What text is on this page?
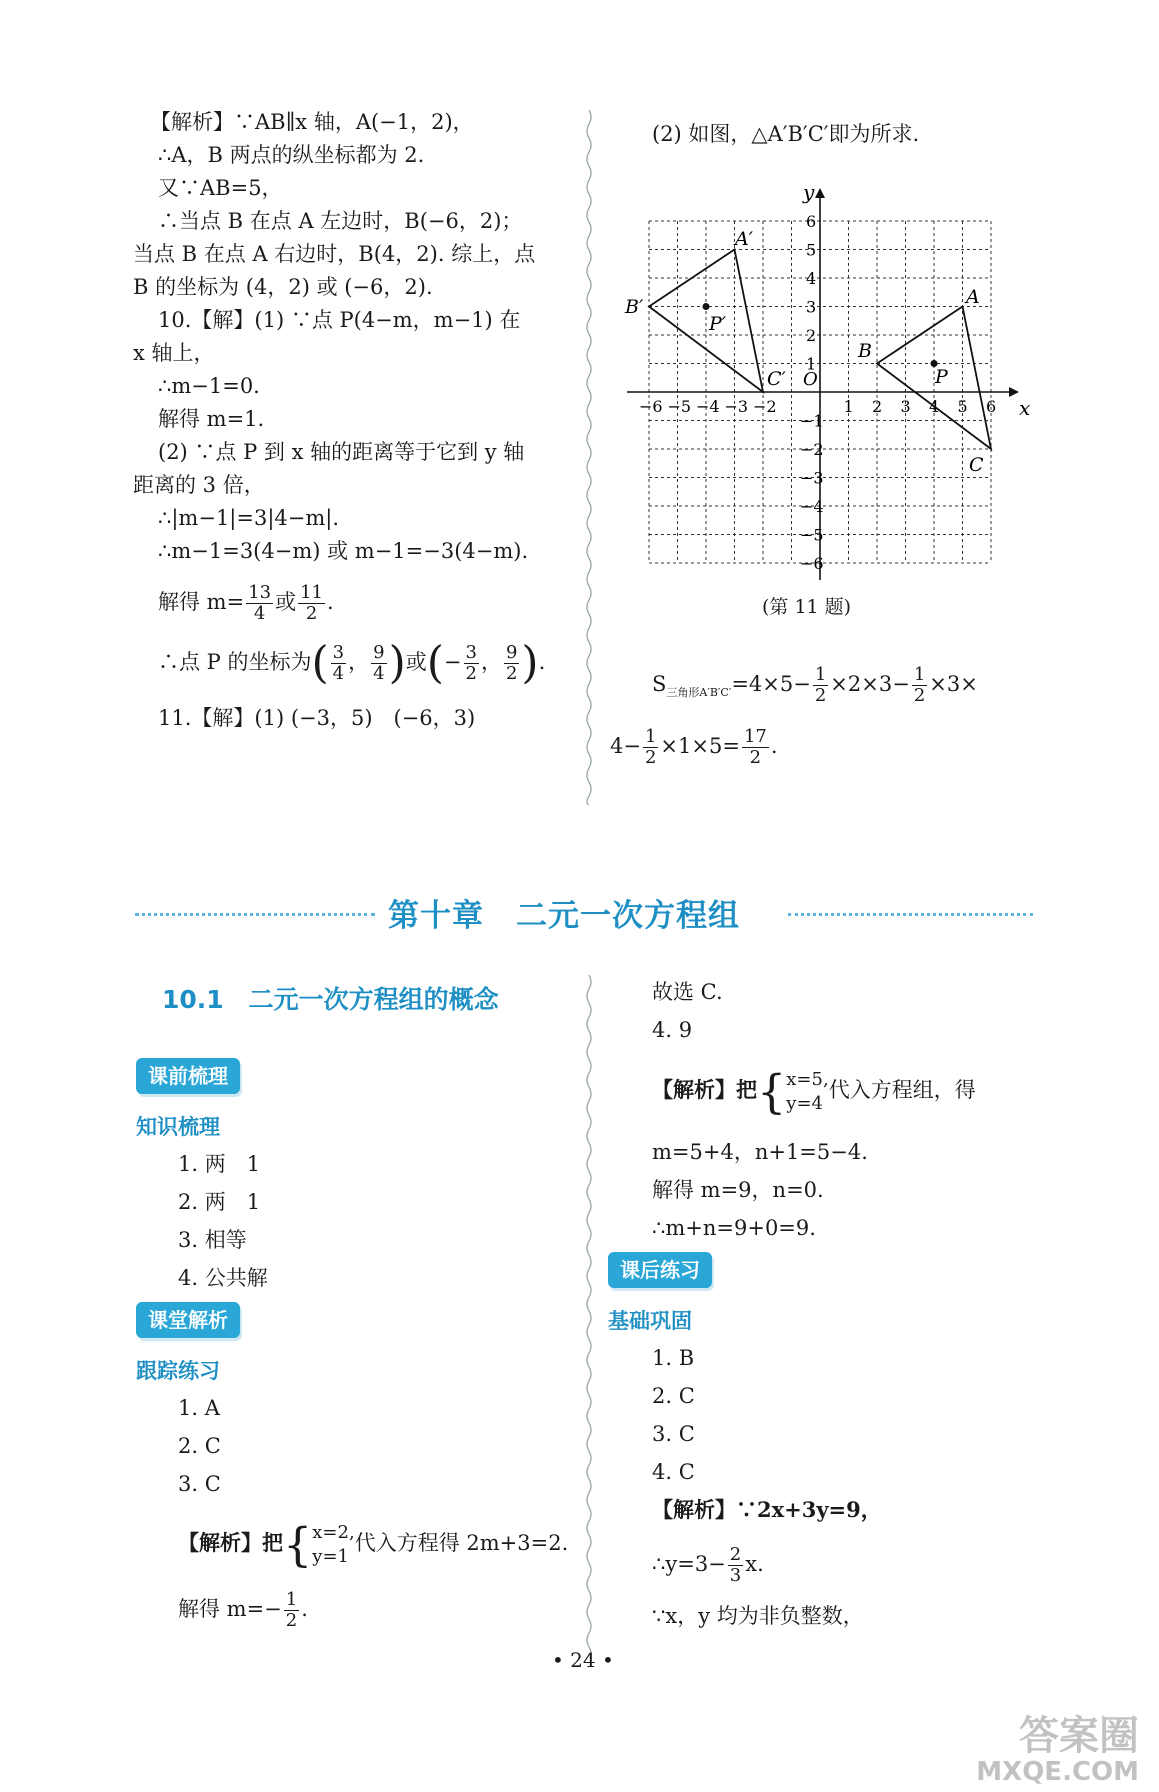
【解析】∵AB∥x 轴，A(−1，2)，
∴A，B 两点的纵坐标都为 2.
又∵AB=5，
∴当点 B 在点 A 左边时，B(−6，2)；
当点 B 在点 A 右边时，B(4，2). 综上，点
B 的坐标为 (4，2) 或 (−6，2).
10.【解】(1) ∵点 P(4−m，m−1) 在
x 轴上，
∴m−1=0.
解得 m=1.
(2) ∵点 P 到 x 轴的距离等于它到 y 轴
距离的 3 倍，
∴|m−1|=3|4−m|.
∴m−1=3(4−m) 或 m−1=−3(4−m).
解得 $m= \frac{13}{4}$ 或 $\frac{11}{2}$ .
∴点 P 的坐标为( $\frac{3}{4}$ ， $\frac{9}{4}$ )或(− $\frac{3}{2}$ ， $\frac{9}{2}$ ).
11.【解】(1) (−3，5)　(−6，3)
(2) 如图，△A′B′C′即为所求.
x
y
O
−6 −5 −4 −3 −2	1 2 3 4 5 6
6
5
4
3
2
1
−1
−2
−3
−4
−5
−6
A
B
C
P
A′
B′
C′
P′
(第 11 题)
$S_{三角形A'B'C'}=4\times 5- \frac{1}{2} \times 2\times 3- \frac{1}{2} \times 3\times$
$4- \frac{1}{2} \times 1\times 5= \frac{17}{2}$ .
第十章　二元一次方程组
10.1　二元一次方程组的概念
课前梳理
知识梳理
1. 两　1
2. 两　1
3. 相等
4. 公共解
课堂解析
跟踪练习
1. A
2. C
3. C
【解析】把{ x=2,
y=1
代入方程得 2m+3=2.
解得 $m=- \frac{1}{2}$ .
故选 C.
4. 9
【解析】把{ x=5,
y=4
代入方程组，得
m=5+4，n+1=5−4.
解得 m=9，n=0.
∴m+n=9+0=9.
课后练习
基础巩固
1. B
2. C
3. C
4. C
【解析】∵2x+3y=9，
∴y=3− $\frac{2}{3} x$.
∵x，y 均为非负整数，
• 24 •
答案圈
MXQE.COM
